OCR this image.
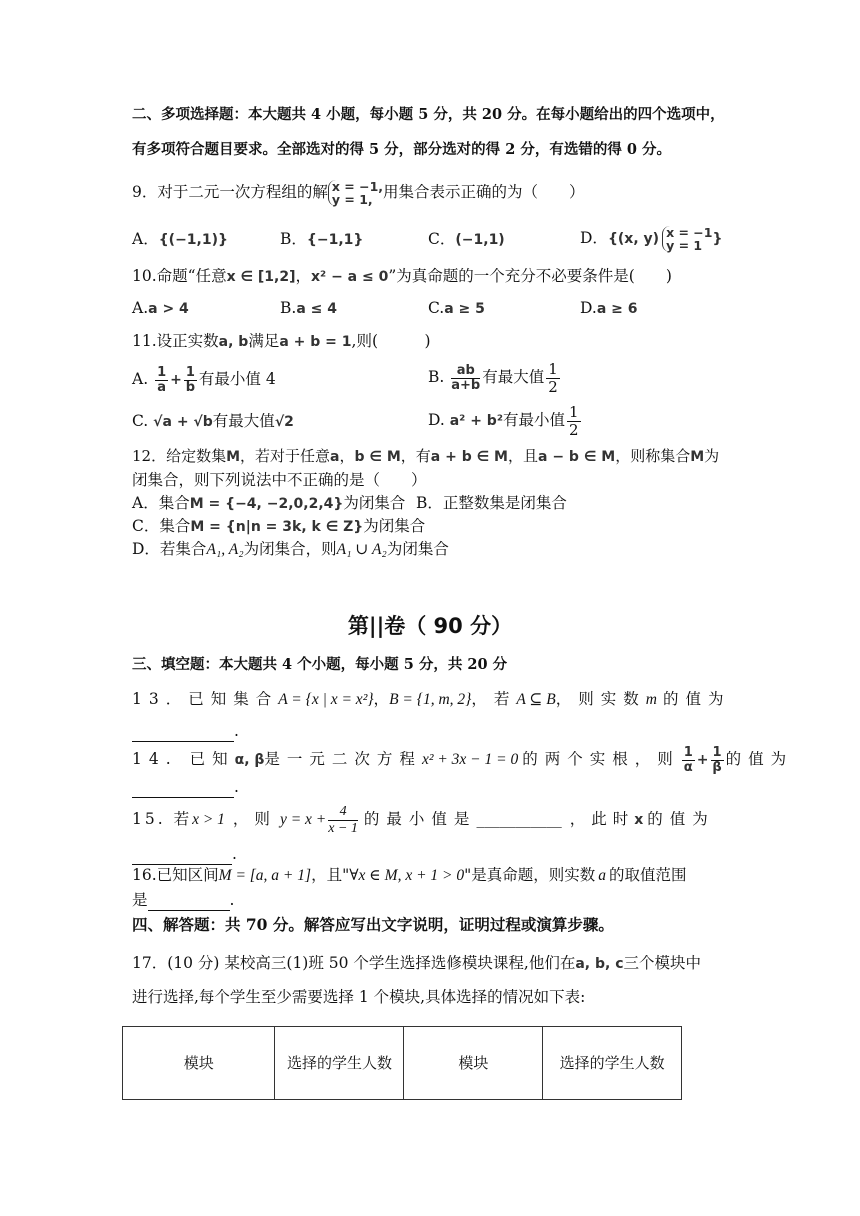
二、多项选择题：本大题共 4 小题，每小题 5 分，共 20 分。在每小题给出的四个选项中，
有多项符合题目要求。全部选对的得 5 分，部分选对的得 2 分，有选错的得 0 分。
9．对于二元一次方程组的解 x = −1,
y = 1, 用集合表示正确的为（　　）
A．{(−1,1)}	B．{−1,1}	C．(−1,1)	D．{(x, y) x = −1
y = 1 }
10.命题“任意x ∈ [1,2]，x² − a ≤ 0”为真命题的一个充分不必要条件是(　　)
A.a > 4	B.a ≤ 4	C.a ≥ 5	D.a ≥ 6
11.设正实数a, b满足a + b = 1,则(　　　)
A. $\frac{1}{a} + \frac{1}{b}$ 有最小值 4	B. $\frac{ab}{a+b}$ 有最大值 $\frac{1}{2}$
C. √a + √b有最大值√2	D. a² + b²有最小值 $\frac{1}{2}$
12．给定数集M，若对于任意a，b ∈ M，有a + b ∈ M，且a − b ∈ M，则称集合M为
闭集合，则下列说法中不正确的是（　　）
A．集合M = {−4, −2,0,2,4}为闭集合 B．正整数集是闭集合
C．集合M = {n|n = 3k, k ∈ Z}为闭集合
D．若集合A₁, A₂为闭集合，则A₁ ∪ A₂为闭集合
第||卷（ 90 分）
三、填空题：本大题共 4 个小题，每小题 5 分，共 20 分
13．已知集合A = {x | x = x²}，B = {1, m, 2}，若A ⊆ B，则实数m 的值为
.
14. 已知α, β是一元二次方程x² + 3x − 1 = 0 的两个实根，则 $\frac{1}{\alpha} + \frac{1}{\beta}$ 的值为
.
15. 若x > 1 ，则 $y = x + \frac{4}{x - 1}$ 的最小值是___________ ，此时x 的值为
.
16.已知区间M = [a, a + 1]，且"∀x ∈ M, x + 1 > 0"是真命题，则实数 a 的取值范围
是	.
四、解答题：共 70 分。解答应写出文字说明，证明过程或演算步骤。
17．(10 分) 某校高三(1)班 50 个学生选择选修模块课程,他们在a, b, c三个模块中
进行选择,每个学生至少需要选择 1 个模块,具体选择的情况如下表:
模块	选择的学生人数	模块	选择的学生人数
